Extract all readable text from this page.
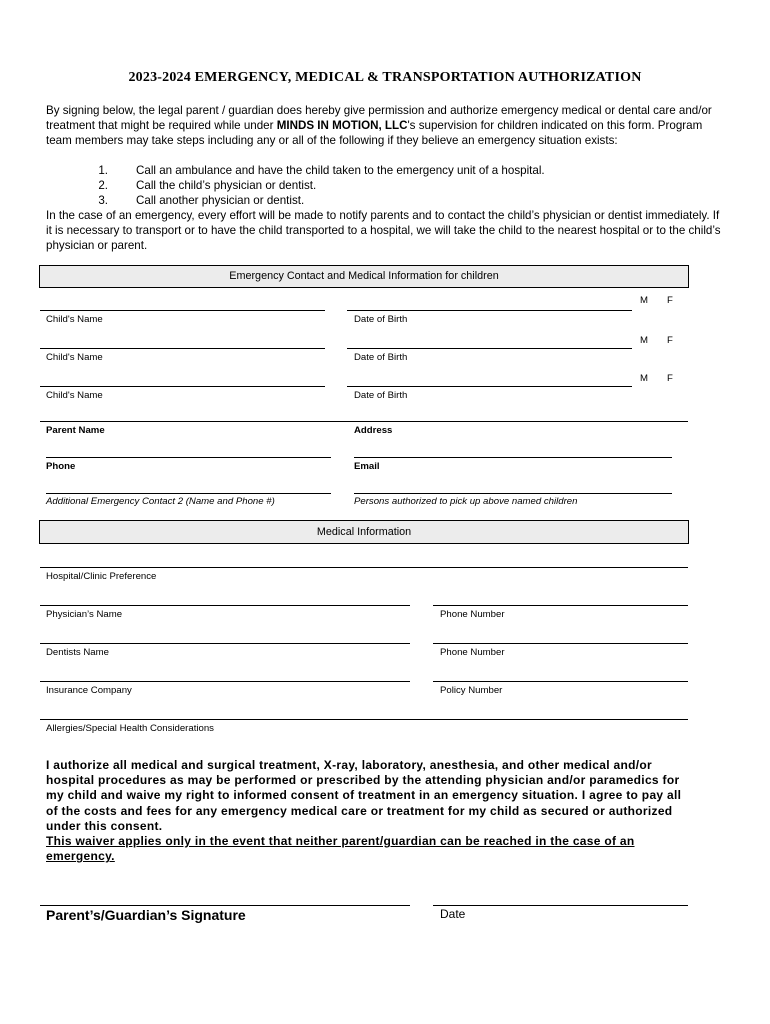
2023-2024 EMERGENCY, MEDICAL & TRANSPORTATION AUTHORIZATION
By signing below, the legal parent / guardian does hereby give permission and authorize emergency medical or dental care and/or treatment that might be required while under MINDS IN MOTION, LLC's supervision for children indicated on this form. Program team members may take steps including any or all of the following if they believe an emergency situation exists:
1. Call an ambulance and have the child taken to the emergency unit of a hospital.
2. Call the child’s physician or dentist.
3. Call another physician or dentist.
In the case of an emergency, every effort will be made to notify parents and to contact the child’s physician or dentist immediately. If it is necessary to transport or to have the child transported to a hospital, we will take the child to the nearest hospital or to the child’s physician or parent.
Emergency Contact and Medical Information for children
M F
Child's Name	Date of Birth
M F
Child's Name	Date of Birth
M F
Child's Name	Date of Birth
Parent Name	Address
Phone	Email
Additional Emergency Contact 2 (Name and Phone #)	Persons authorized to pick up above named children
Medical Information
Hospital/Clinic Preference
Physician’s Name	Phone Number
Dentists Name	Phone Number
Insurance Company	Policy Number
Allergies/Special Health Considerations
I authorize all medical and surgical treatment, X-ray, laboratory, anesthesia, and other medical and/or hospital procedures as may be performed or prescribed by the attending physician and/or paramedics for my child and waive my right to informed consent of treatment in an emergency situation. I agree to pay all of the costs and fees for any emergency medical care or treatment for my child as secured or authorized under this consent.
This waiver applies only in the event that neither parent/guardian can be reached in the case of an emergency.
Parent’s/Guardian’s Signature	Date
